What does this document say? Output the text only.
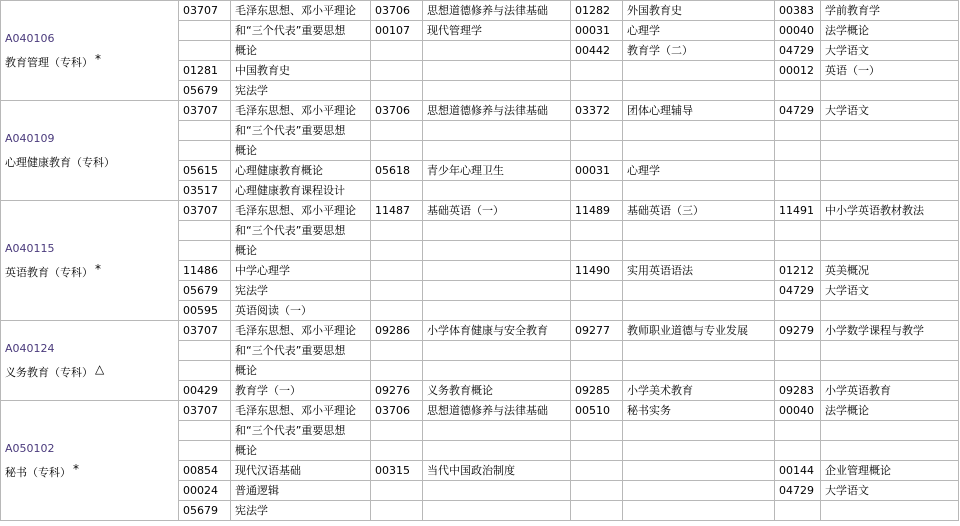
A040106
教育管理（专科） *	03707	毛泽东思想、邓小平理论	03706	思想道德修养与法律基础	01282	外国教育史	00383	学前教育学
		和“三个代表”重要思想	00107	现代管理学	00031	心理学	00040	法学概论
		概论			00442	教育学（二）	04729	大学语文
	01281	中国教育史					00012	英语（一）
	05679	宪法学						

A040109
心理健康教育（专科）	03707	毛泽东思想、邓小平理论	03706	思想道德修养与法律基础	03372	团体心理辅导	04729	大学语文
		和“三个代表”重要思想						
		概论						
	05615	心理健康教育概论	05618	青少年心理卫生	00031	心理学		
	03517	心理健康教育课程设计						

A040115
英语教育（专科） *	03707	毛泽东思想、邓小平理论	11487	基础英语（一）	11489	基础英语（三）	11491	中小学英语教材教法
		和“三个代表”重要思想						
		概论						
	11486	中学心理学			11490	实用英语语法	01212	英美概况
	05679	宪法学					04729	大学语文
	00595	英语阅读（一）						

A040124
义务教育（专科） △	03707	毛泽东思想、邓小平理论	09286	小学体育健康与安全教育	09277	教师职业道德与专业发展	09279	小学数学课程与教学
		和“三个代表”重要思想						
		概论						
	00429	教育学（一）	09276	义务教育概论	09285	小学美术教育	09283	小学英语教育

A050102
秘书（专科） *	03707	毛泽东思想、邓小平理论	03706	思想道德修养与法律基础	00510	秘书实务	00040	法学概论
		和“三个代表”重要思想						
		概论						
	00854	现代汉语基础	00315	当代中国政治制度			00144	企业管理概论
	00024	普通逻辑					04729	大学语文
	05679	宪法学						
